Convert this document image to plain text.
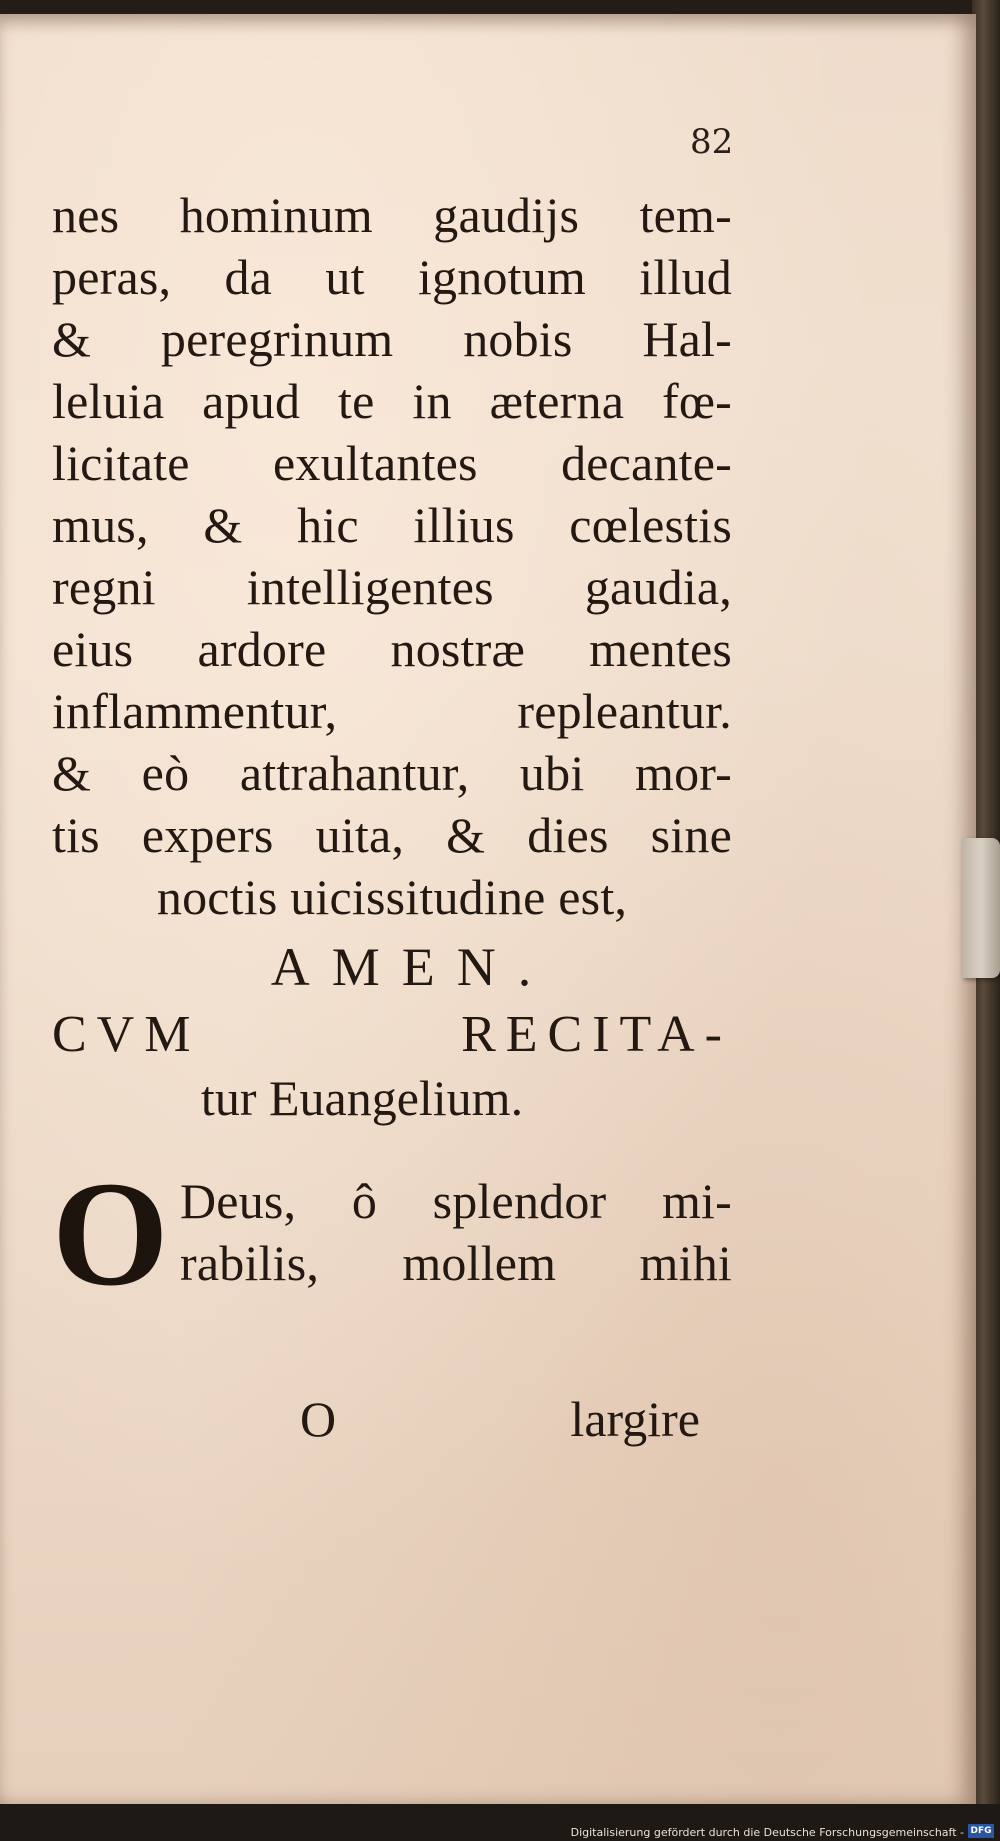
82

nes hominum gaudijs tem-
peras, da ut ignotum illud
& peregrinum nobis Hal-
leluia apud te in æterna fœ-
licitate exultantes decante-
mus, & hic illius cœlestis
regni intelligentes gaudia,
eius ardore nostræ mentes
inflammentur, repleantur.
& eò attrahantur, ubi mor-
tis expers uita, & dies sine
noctis uicissitudine est,
AMEN.
CVM RECITA-
tur Euangelium.
O Deus, ô splendor mi-
rabilis, mollem mihi
O	largire

Digitalisierung gefördert durch die Deutsche Forschungsgemeinschaft - DFG
